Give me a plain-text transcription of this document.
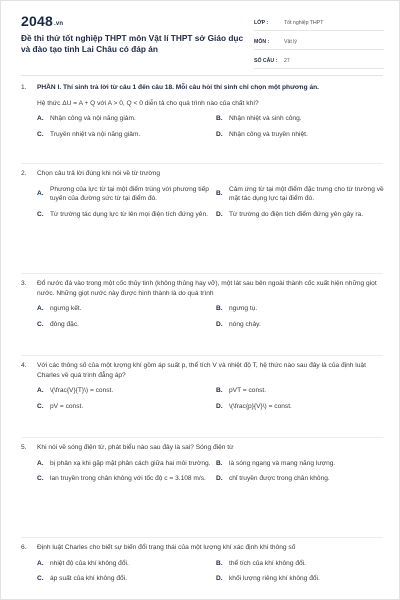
2048.vn
Đề thi thử tốt nghiệp THPT môn Vật lí THPT sở Giáo dục và đào tạo tỉnh Lai Châu có đáp án
LỚP :	Tốt nghiệp THPT
MÔN :	Vật lý
SỐ CÂU :	27
1.	PHẦN I. Thí sinh trả lời từ câu 1 đến câu 18. Mỗi câu hỏi thí sinh chỉ chọn một phương án.
Hệ thức ΔU = A + Q với A > 0, Q < 0 diễn tả cho quá trình nào của chất khí?
A. Nhận công và nội năng giảm.	B. Nhận nhiệt và sinh công.
C. Truyền nhiệt và nội năng giảm.	D. Nhận công và truyền nhiệt.
2.	Chọn câu trả lời đúng khi nói về từ trường
A.
Phương của lực từ tại một điểm trùng với phương tiếp tuyến của đường sức từ tại điểm đó.
B.
Cảm ứng từ tại một điểm đặc trưng cho từ trường về mặt tác dụng lực tại điểm đó.
C. Từ trường tác dụng lực từ lên mọi điện tích đứng yên.	D. Từ trường do điện tích điểm đứng yên gây ra.
3.	Đổ nước đá vào trong một cốc thủy tinh (không thủng hay vỡ), một lát sau bên ngoài thành cốc xuất hiện những giọt nước. Những giọt nước này được hình thành là do quá trình
A. ngưng kết.	B. ngưng tụ.
C. đông đặc.	D. nóng chảy.
4.	Với các thông số của một lượng khí gồm áp suất p, thể tích V và nhiệt độ T, hệ thức nào sau đây là của định luật Charles về quá trình đẳng áp?
A. \(\frac{V}{T}\) = const.	B. pVT = const.
C. pV = const.	D. \(\frac{p}{V}\) = const.
5.	Khi nói về sóng điện từ, phát biểu nào sau đây là sai? Sóng điện từ
A. bị phản xạ khi gặp mặt phân cách giữa hai môi trường. B. là sóng ngang và mang năng lượng.
C. lan truyền trong chân không với tốc độ c = 3.108 m/s.	D. chỉ truyền được trong chân không.
6.	Định luật Charles cho biết sự biến đổi trạng thái của một lượng khí xác định khi thông số
A. nhiệt độ của khí không đổi.	B. thể tích của khí không đổi.
C. áp suất của khí không đổi.	D. khối lượng riêng khí không đổi.
